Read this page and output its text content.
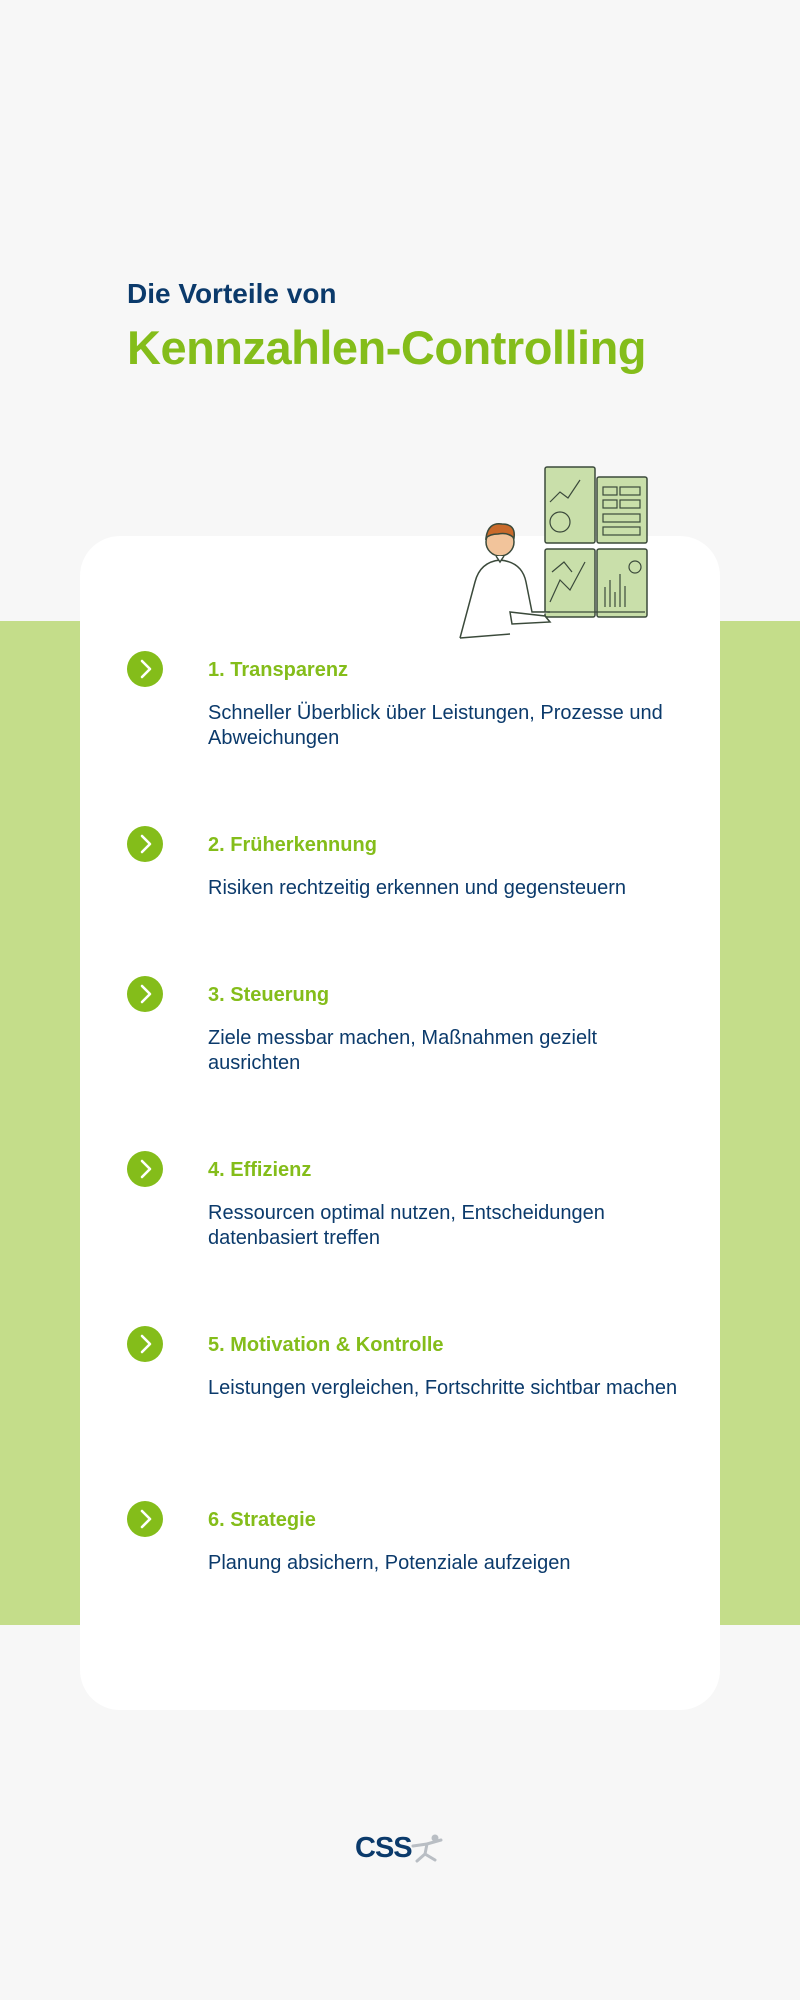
Die Vorteile von

Kennzahlen-Controlling

1. Transparenz

Schneller Überblick über Leistungen, Prozesse und Abweichungen

2. Früherkennung

Risiken rechtzeitig erkennen und gegensteuern

3. Steuerung

Ziele messbar machen, Maßnahmen gezielt ausrichten

4. Effizienz

Ressourcen optimal nutzen, Entscheidungen datenbasiert treffen

5. Motivation & Kontrolle

Leistungen vergleichen, Fortschritte sichtbar machen

6. Strategie

Planung absichern, Potenziale aufzeigen

CSS
